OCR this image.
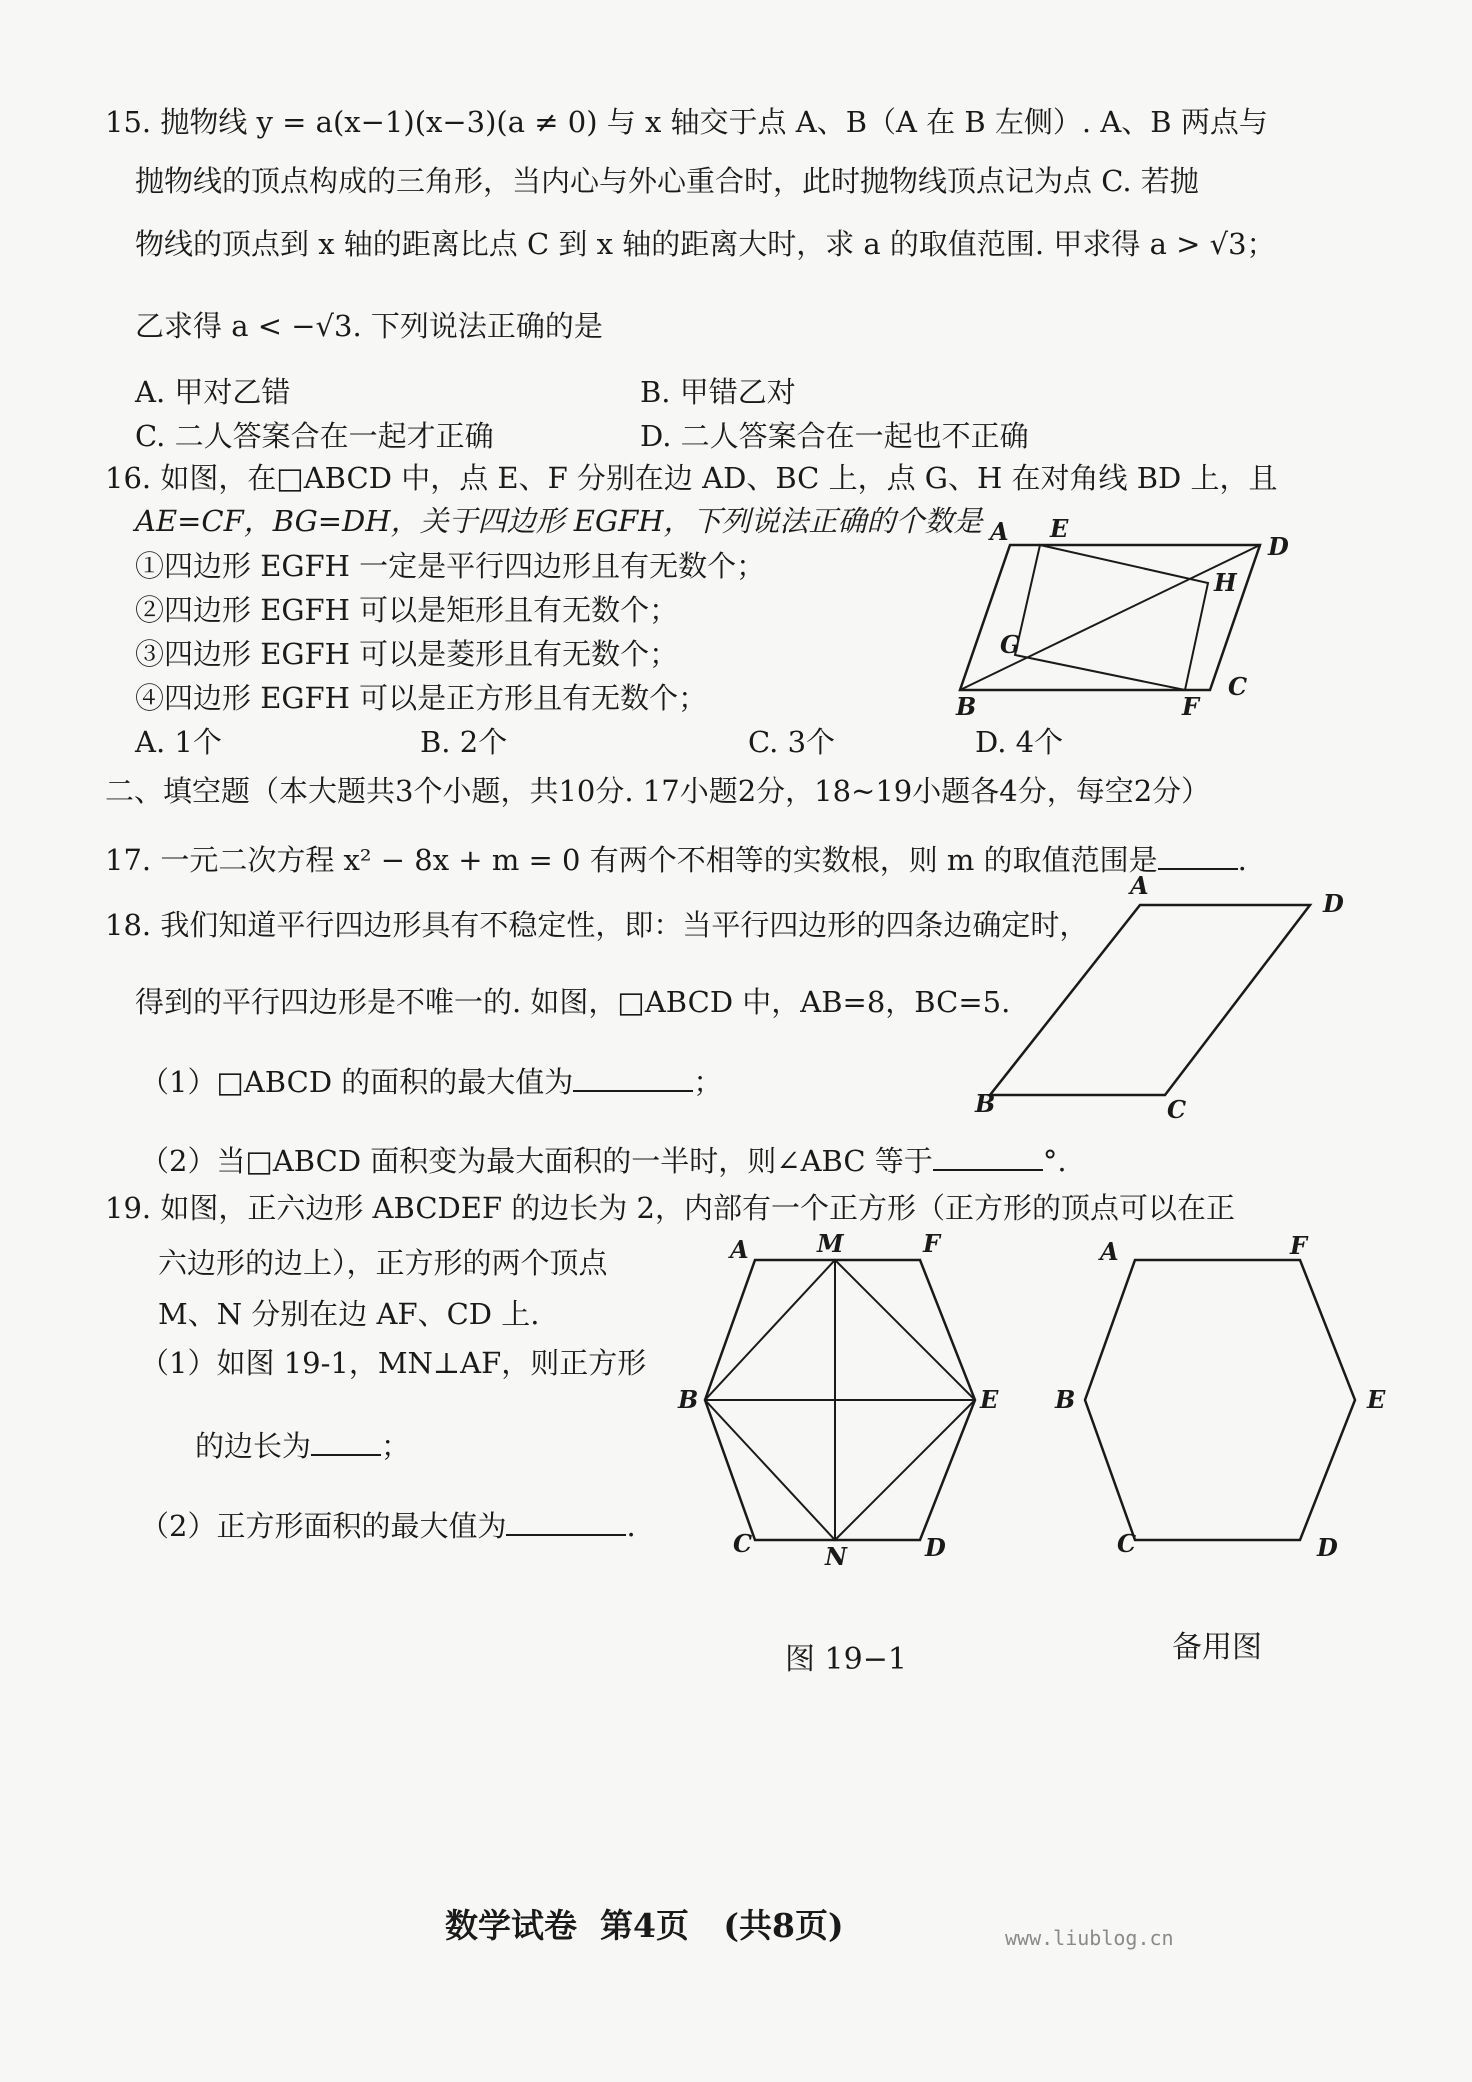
15. 抛物线 y = a(x−1)(x−3)(a ≠ 0) 与 x 轴交于点 A、B（A 在 B 左侧）. A、B 两点与
抛物线的顶点构成的三角形，当内心与外心重合时，此时抛物线顶点记为点 C. 若抛
物线的顶点到 x 轴的距离比点 C 到 x 轴的距离大时，求 a 的取值范围. 甲求得 a > √3；
乙求得 a < −√3. 下列说法正确的是
A. 甲对乙错	B. 甲错乙对
C. 二人答案合在一起才正确	D. 二人答案合在一起也不正确
16. 如图，在□ABCD 中，点 E、F 分别在边 AD、BC 上，点 G、H 在对角线 BD 上，且
AE=CF，BG=DH，关于四边形 EGFH，下列说法正确的个数是
①四边形 EGFH 一定是平行四边形且有无数个；
②四边形 EGFH 可以是矩形且有无数个；
③四边形 EGFH 可以是菱形且有无数个；
④四边形 EGFH 可以是正方形且有无数个；
A. 1个	B. 2个	C. 3个	D. 4个
A E
D
H
G
B	F
C
二、填空题（本大题共3个小题，共10分. 17小题2分，18~19小题各4分，每空2分）
17. 一元二次方程 x² − 8x + m = 0 有两个不相等的实数根，则 m 的取值范围是	.
18. 我们知道平行四边形具有不稳定性，即：当平行四边形的四条边确定时，
得到的平行四边形是不唯一的. 如图，□ABCD 中，AB=8，BC=5.
（1）□ABCD 的面积的最大值为	；
（2）当□ABCD 面积变为最大面积的一半时，则∠ABC 等于	°.
A
D
B	C
19. 如图，正六边形 ABCDEF 的边长为 2，内部有一个正方形（正方形的顶点可以在正
六边形的边上），正方形的两个顶点
M、N 分别在边 AF、CD 上.
（1）如图 19-1，MN⊥AF，则正方形
的边长为 ；
（2）正方形面积的最大值为	.
A	M	F
B	E
C	N	D
A	F
B	E
C	D
图 19−1	备用图
数学试卷  第4页   (共8页)	www.liublog.cn
